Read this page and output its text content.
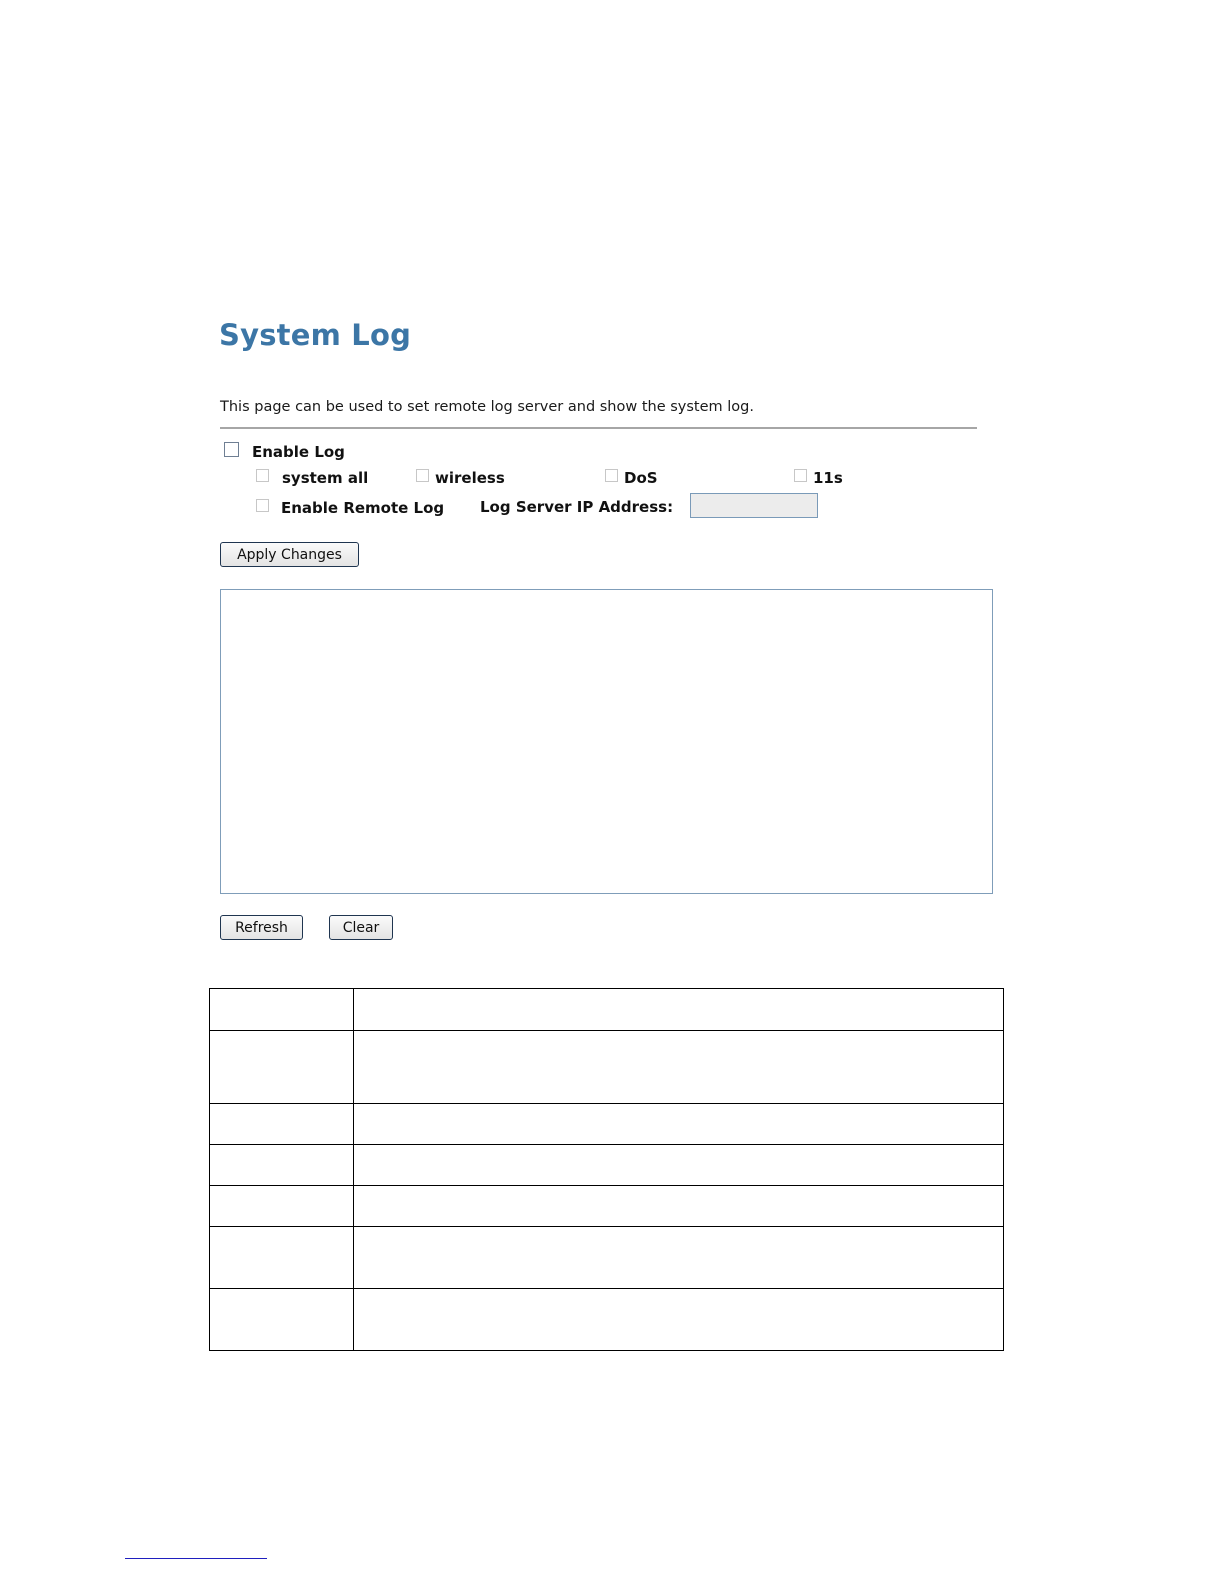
System Log
This page can be used to set remote log server and show the system log.
Enable Log
system all	wireless	DoS	11s
Enable Remote Log Log Server IP Address:
Apply Changes
Refresh	Clear
